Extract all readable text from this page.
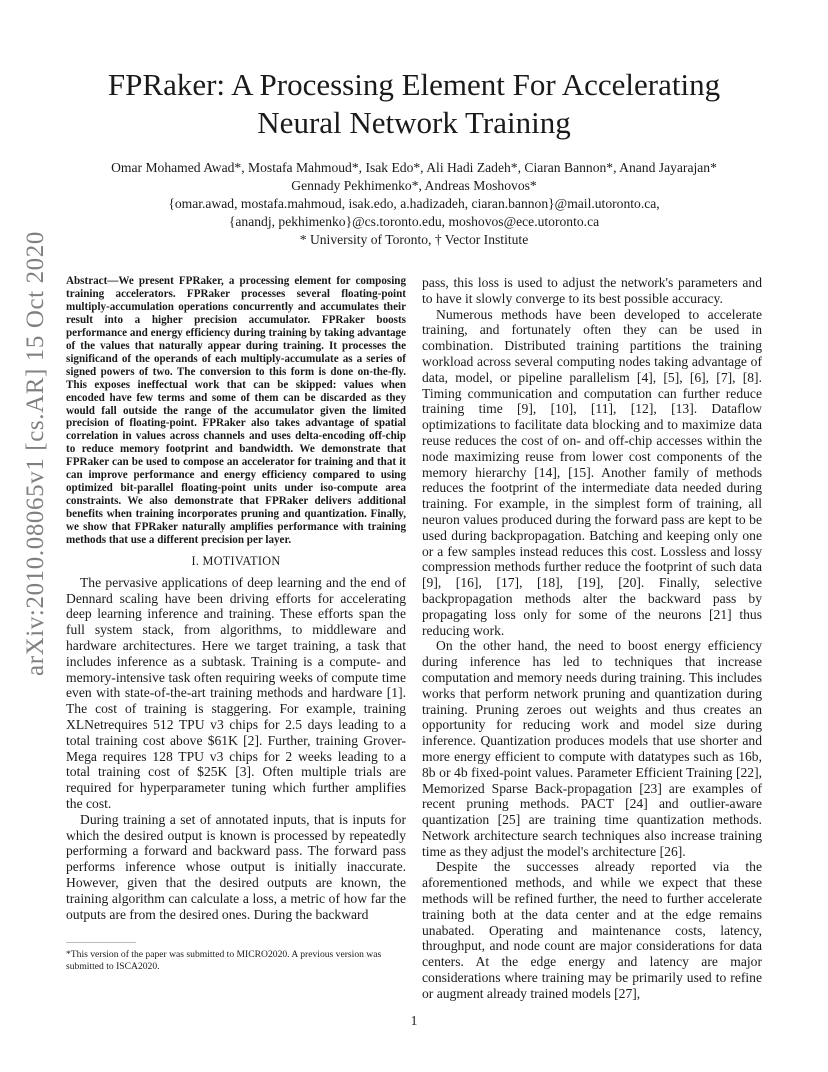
FPRaker: A Processing Element For Accelerating
Neural Network Training
Omar Mohamed Awad*, Mostafa Mahmoud*, Isak Edo*, Ali Hadi Zadeh*, Ciaran Bannon*, Anand Jayarajan*
Gennady Pekhimenko*, Andreas Moshovos*
{omar.awad, mostafa.mahmoud, isak.edo, a.hadizadeh, ciaran.bannon}@mail.utoronto.ca,
{anandj, pekhimenko}@cs.toronto.edu, moshovos@ece.utoronto.ca
* University of Toronto, † Vector Institute
arXiv:2010.08065v1 [cs.AR] 15 Oct 2020 Abstract—We present FPRaker, a processing element for composing training accelerators. FPRaker processes several floating-point multiply-accumulation operations concurrently and accumulates their result into a higher precision accumulator. FPRaker boosts performance and energy efficiency during training by taking advantage of the values that naturally appear during training. It processes the significand of the operands of each multiply-accumulate as a series of signed powers of two. The conversion to this form is done on-the-fly. This exposes ineffectual work that can be skipped: values when encoded have few terms and some of them can be discarded as they would fall outside the range of the accumulator given the limited precision of floating-point. FPRaker also takes advantage of spatial correlation in values across channels and uses delta-encoding off-chip to reduce memory footprint and bandwidth. We demonstrate that FPRaker can be used to compose an accelerator for training and that it can improve performance and energy efficiency compared to using optimized bit-parallel floating-point units under iso-compute area constraints. We also demonstrate that FPRaker delivers additional benefits when training incorporates pruning and quantization. Finally, we show that FPRaker naturally amplifies performance with training methods that use a different precision per layer.
I. MOTIVATION

The pervasive applications of deep learning and the end of Dennard scaling have been driving efforts for accelerating deep learning inference and training. These efforts span the full system stack, from algorithms, to middleware and hardware architectures. Here we target training, a task that includes inference as a subtask. Training is a compute- and memory-intensive task often requiring weeks of compute time even with state-of-the-art training methods and hardware [1]. The cost of training is staggering. For example, training XLNetrequires 512 TPU v3 chips for 2.5 days leading to a total training cost above $61K [2]. Further, training Grover-Mega requires 128 TPU v3 chips for 2 weeks leading to a total training cost of $25K [3]. Often multiple trials are required for hyperparameter tuning which further amplifies the cost.

During training a set of annotated inputs, that is inputs for which the desired output is known is processed by repeatedly performing a forward and backward pass. The forward pass performs inference whose output is initially inaccurate. However, given that the desired outputs are known, the training algorithm can calculate a loss, a metric of how far the outputs are from the desired ones. During the backward

*This version of the paper was submitted to MICRO2020. A previous version was submitted to ISCA2020.

pass, this loss is used to adjust the network's parameters and to have it slowly converge to its best possible accuracy.

Numerous methods have been developed to accelerate training, and fortunately often they can be used in combination. Distributed training partitions the training workload across several computing nodes taking advantage of data, model, or pipeline parallelism [4], [5], [6], [7], [8]. Timing communication and computation can further reduce training time [9], [10], [11], [12], [13]. Dataflow optimizations to facilitate data blocking and to maximize data reuse reduces the cost of on- and off-chip accesses within the node maximizing reuse from lower cost components of the memory hierarchy [14], [15]. Another family of methods reduces the footprint of the intermediate data needed during training. For example, in the simplest form of training, all neuron values produced during the forward pass are kept to be used during backpropagation. Batching and keeping only one or a few samples instead reduces this cost. Lossless and lossy compression methods further reduce the footprint of such data [9], [16], [17], [18], [19], [20]. Finally, selective backpropagation methods alter the backward pass by propagating loss only for some of the neurons [21] thus reducing work.

On the other hand, the need to boost energy efficiency during inference has led to techniques that increase computation and memory needs during training. This includes works that perform network pruning and quantization during training. Pruning zeroes out weights and thus creates an opportunity for reducing work and model size during inference. Quantization produces models that use shorter and more energy efficient to compute with datatypes such as 16b, 8b or 4b fixed-point values. Parameter Efficient Training [22], Memorized Sparse Back-propagation [23] are examples of recent pruning methods. PACT [24] and outlier-aware quantization [25] are training time quantization methods. Network architecture search techniques also increase training time as they adjust the model's architecture [26].

Despite the successes already reported via the aforementioned methods, and while we expect that these methods will be refined further, the need to further accelerate training both at the data center and at the edge remains unabated. Operating and maintenance costs, latency, throughput, and node count are major considerations for data centers. At the edge energy and latency are major considerations where training may be primarily used to refine or augment already trained models [27],

1
